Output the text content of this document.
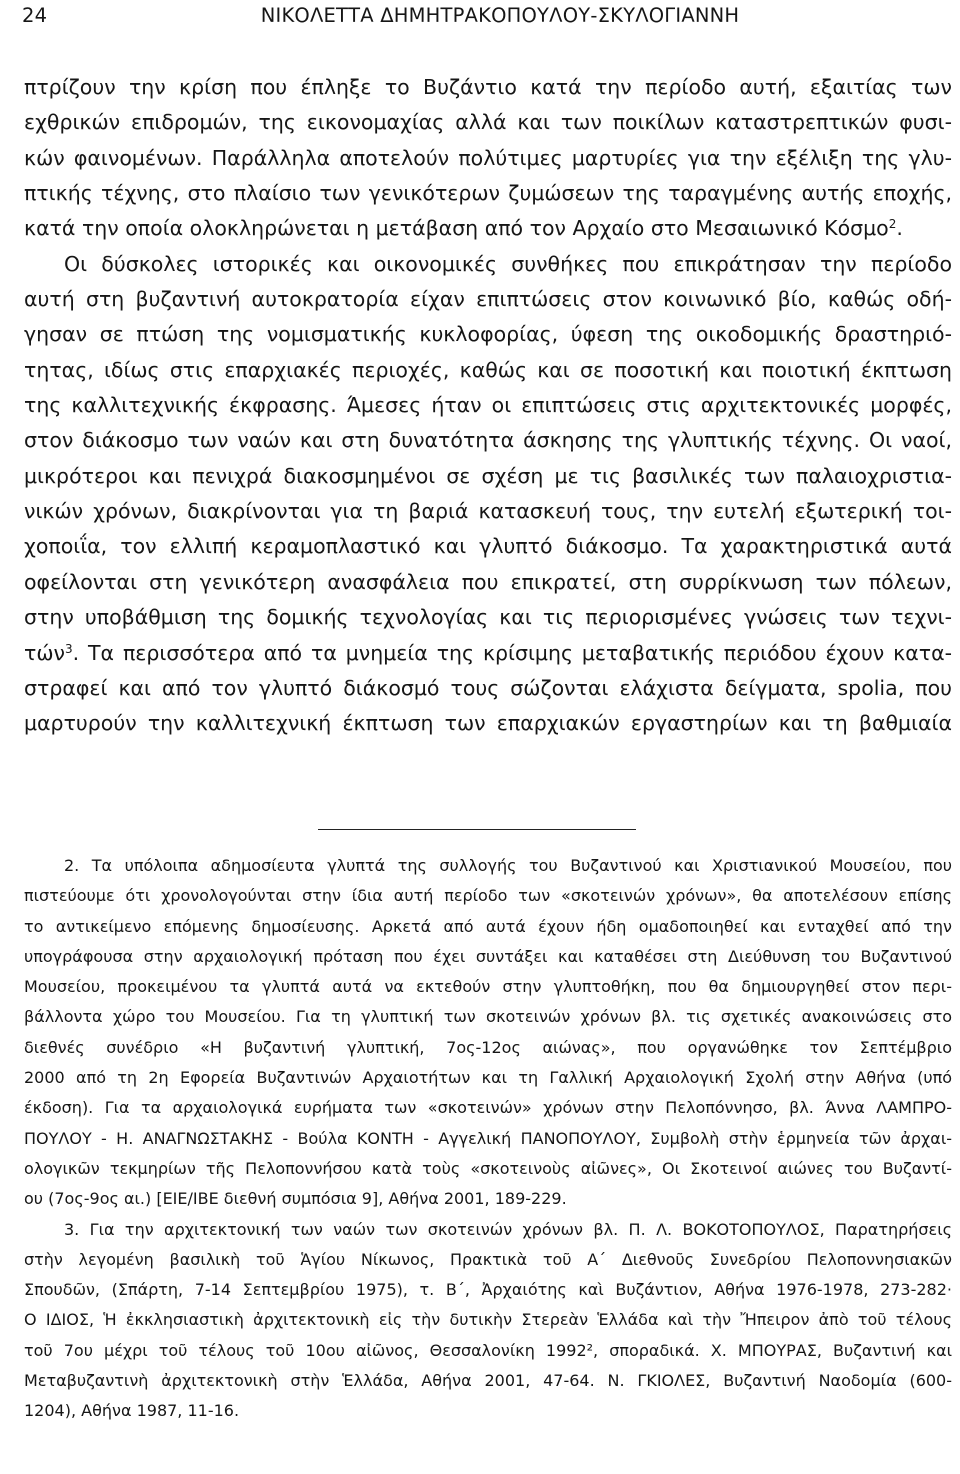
24	ΝΙΚΟΛΕΤΤΑ ΔΗΜΗΤΡΑΚΟΠΟΥΛΟΥ-ΣΚΥΛΟΓΙΑΝΝΗ
πτρίζουν την κρίση που έπληξε το Βυζάντιο κατά την περίοδο αυτή, εξαιτίας των
εχθρικών επιδρομών, της εικονομαχίας αλλά και των ποικίλων καταστρεπτικών φυσι-
κών φαινομένων. Παράλληλα αποτελούν πολύτιμες μαρτυρίες για την εξέλιξη της γλυ-
πτικής τέχνης, στο πλαίσιο των γενικότερων ζυμώσεων της ταραγμένης αυτής εποχής,
κατά την οποία ολοκληρώνεται η μετάβαση από τον Αρχαίο στο Μεσαιωνικό Κόσμο$^2$.
Οι δύσκολες ιστορικές και οικονομικές συνθήκες που επικράτησαν την περίοδο
αυτή στη βυζαντινή αυτοκρατορία είχαν επιπτώσεις στον κοινωνικό βίο, καθώς οδή-
γησαν σε πτώση της νομισματικής κυκλοφορίας, ύφεση της οικοδομικής δραστηριό-
τητας, ιδίως στις επαρχιακές περιοχές, καθώς και σε ποσοτική και ποιοτική έκπτωση
της καλλιτεχνικής έκφρασης. Άμεσες ήταν οι επιπτώσεις στις αρχιτεκτονικές μορφές,
στον διάκοσμο των ναών και στη δυνατότητα άσκησης της γλυπτικής τέχνης. Οι ναοί,
μικρότεροι και πενιχρά διακοσμημένοι σε σχέση με τις βασιλικές των παλαιοχριστια-
νικών χρόνων, διακρίνονται για τη βαριά κατασκευή τους, την ευτελή εξωτερική τοι-
χοποιΐα, τον ελλιπή κεραμοπλαστικό και γλυπτό διάκοσμο. Τα χαρακτηριστικά αυτά
οφείλονται στη γενικότερη ανασφάλεια που επικρατεί, στη συρρίκνωση των πόλεων,
στην υποβάθμιση της δομικής τεχνολογίας και τις περιορισμένες γνώσεις των τεχνι-
τών$^3$. Τα περισσότερα από τα μνημεία της κρίσιμης μεταβατικής περιόδου έχουν κατα-
στραφεί και από τον γλυπτό διάκοσμό τους σώζονται ελάχιστα δείγματα, spolia, που
μαρτυρούν την καλλιτεχνική έκπτωση των επαρχιακών εργαστηρίων και τη βαθμιαία
2. Τα υπόλοιπα αδημοσίευτα γλυπτά της συλλογής του Βυζαντινού και Χριστιανικού Μουσείου, που
πιστεύουμε ότι χρονολογούνται στην ίδια αυτή περίοδο των «σκοτεινών χρόνων», θα αποτελέσουν επίσης
το αντικείμενο επόμενης δημοσίευσης. Αρκετά από αυτά έχουν ήδη ομαδοποιηθεί και ενταχθεί από την
υπογράφουσα στην αρχαιολογική πρόταση που έχει συντάξει και καταθέσει στη Διεύθυνση του Βυζαντινού
Μουσείου, προκειμένου τα γλυπτά αυτά να εκτεθούν στην γλυπτοθήκη, που θα δημιουργηθεί στον περι-
βάλλοντα χώρο του Μουσείου. Για τη γλυπτική των σκοτεινών χρόνων βλ. τις σχετικές ανακοινώσεις στο
διεθνές συνέδριο «Η βυζαντινή γλυπτική, 7ος-12ος αιώνας», που οργανώθηκε τον Σεπτέμβριο
2000 από τη 2η Εφορεία Βυζαντινών Αρχαιοτήτων και τη Γαλλική Αρχαιολογική Σχολή στην Αθήνα (υπό
έκδοση). Για τα αρχαιολογικά ευρήματα των «σκοτεινών» χρόνων στην Πελοπόννησο, βλ. Άννα ΛΑΜΠΡΟ-
ΠΟΥΛΟΥ - Η. ΑΝΑΓΝΩΣΤΑΚΗΣ - Βούλα ΚΟΝΤΗ - Αγγελική ΠΑΝΟΠΟΥΛΟΥ, Συμβολὴ στὴν ἑρμηνεία τῶν ἀρχαι-
ολογικῶν τεκμηρίων τῆς Πελοποννήσου κατὰ τοὺς «σκοτεινοὺς αἰῶνες», Οι Σκοτεινοί αιώνες του Βυζαντί-
ου (7ος-9ος αι.) [ΕΙΕ/ΙΒΕ διεθνή συμπόσια 9], Αθήνα 2001, 189-229.
3. Για την αρχιτεκτονική των ναών των σκοτεινών χρόνων βλ. Π. Λ. ΒΟΚΟΤΟΠΟΥΛΟΣ, Παρατηρήσεις
στὴν λεγομένη βασιλικὴ τοῦ Ἁγίου Νίκωνος, Πρακτικὰ τοῦ Α΄ Διεθνοῦς Συνεδρίου Πελοποννησιακῶν
Σπουδῶν, (Σπάρτη, 7-14 Σεπτεμβρίου 1975), τ. Β΄, Ἀρχαιότης καὶ Βυζάντιον, Αθήνα 1976-1978, 273-282·
Ο ΙΔΙΟΣ, Ἡ ἐκκλησιαστικὴ ἀρχιτεκτονικὴ εἰς τὴν δυτικὴν Στερεὰν Ἑλλάδα καὶ τὴν Ἤπειρον ἀπὸ τοῦ τέλους
τοῦ 7ου μέχρι τοῦ τέλους τοῦ 10ου αἰῶνος, Θεσσαλονίκη 1992², σποραδικά. Χ. ΜΠΟΥΡΑΣ, Βυζαντινή και
Μεταβυζαντινὴ ἀρχιτεκτονικὴ στὴν Ἑλλάδα, Αθήνα 2001, 47-64. Ν. ΓΚΙΟΛΕΣ, Βυζαντινή Ναοδομία (600-
1204), Αθήνα 1987, 11-16.
